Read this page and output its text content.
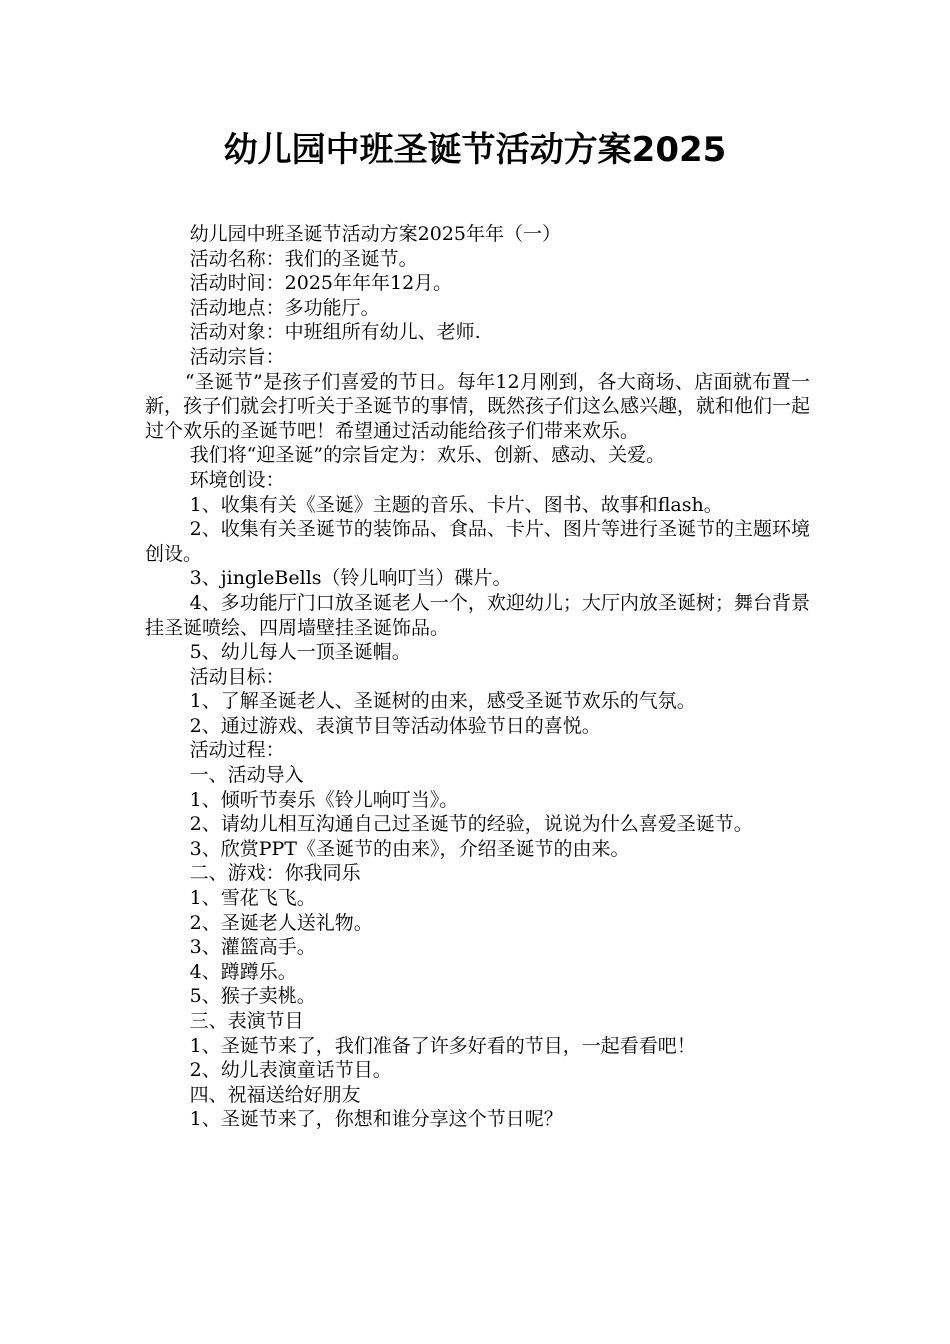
幼儿园中班圣诞节活动方案2025

幼儿园中班圣诞节活动方案2025年年（一）

活动名称：我们的圣诞节。

活动时间：2025年年年12月。

活动地点：多功能厅。

活动对象：中班组所有幼儿、老师.

活动宗旨：

“圣诞节”是孩子们喜爱的节日。每年12月刚到，各大商场、店面就布置一新，孩子们就会打听关于圣诞节的事情，既然孩子们这么感兴趣，就和他们一起过个欢乐的圣诞节吧！希望通过活动能给孩子们带来欢乐。

我们将“迎圣诞”的宗旨定为：欢乐、创新、感动、关爱。

环境创设：

1、收集有关《圣诞》主题的音乐、卡片、图书、故事和flash。

2、收集有关圣诞节的装饰品、食品、卡片、图片等进行圣诞节的主题环境创设。

3、jingleBells（铃儿响叮当）碟片。

4、多功能厅门口放圣诞老人一个，欢迎幼儿；大厅内放圣诞树；舞台背景挂圣诞喷绘、四周墙壁挂圣诞饰品。

5、幼儿每人一顶圣诞帽。

活动目标：

1、了解圣诞老人、圣诞树的由来，感受圣诞节欢乐的气氛。

2、通过游戏、表演节目等活动体验节日的喜悦。

活动过程：

一、活动导入

1、倾听节奏乐《铃儿响叮当》。

2、请幼儿相互沟通自己过圣诞节的经验，说说为什么喜爱圣诞节。

3、欣赏PPT《圣诞节的由来》，介绍圣诞节的由来。

二、游戏：你我同乐

1、雪花飞飞。

2、圣诞老人送礼物。

3、灌篮高手。

4、蹲蹲乐。

5、猴子卖桃。

三、表演节目

1、圣诞节来了，我们准备了许多好看的节目，一起看看吧！

2、幼儿表演童话节目。

四、祝福送给好朋友

1、圣诞节来了，你想和谁分享这个节日呢？
